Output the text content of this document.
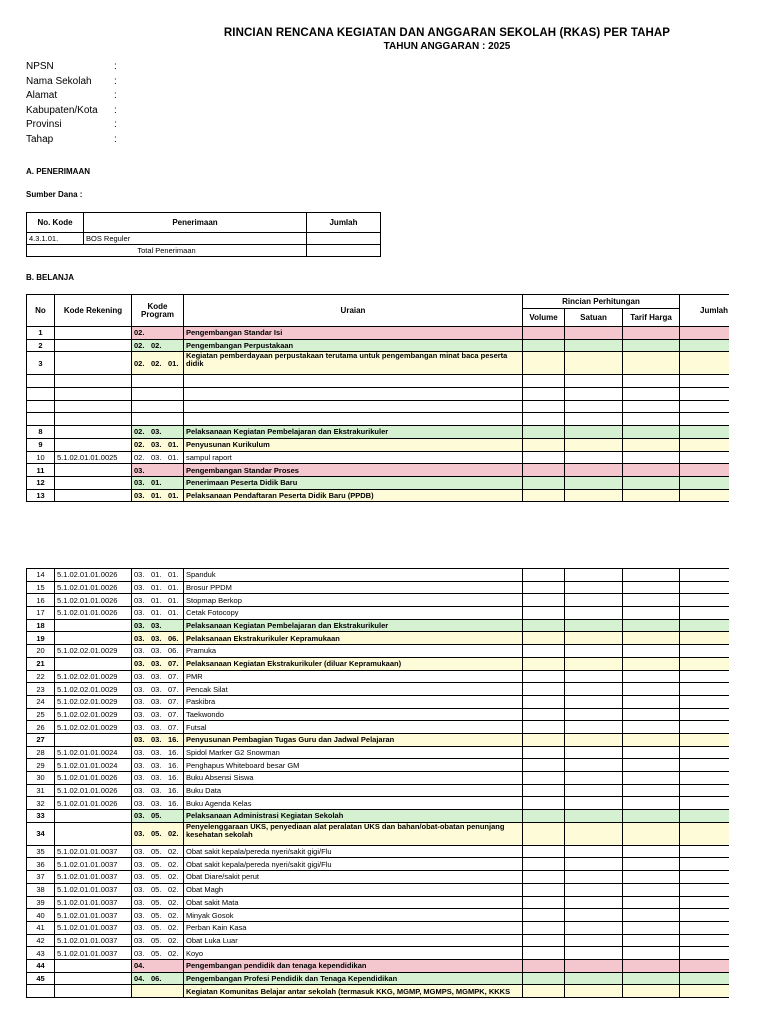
RINCIAN RENCANA KEGIATAN DAN ANGGARAN SEKOLAH (RKAS) PER TAHAP
TAHUN ANGGARAN : 2025
NPSN	:
Nama Sekolah	:
Alamat	:
Kabupaten/Kota	:
Provinsi	:
Tahap	:
A. PENERIMAAN
Sumber Dana :
No. Kode	Penerimaan	Jumlah
4.3.1.01.	BOS Reguler	
Total Penerimaan		
B. BELANJA
No	Kode Rekening	Kode Program	Uraian	Rincian Perhitungan			Jumlah
				Volume	Satuan	Tarif Harga	
1		02.	Pengembangan Standar Isi				
2		02. 02.	Pengembangan Perpustakaan				
3		02. 02. 01.	Kegiatan pemberdayaan perpustakaan terutama untuk pengembangan minat baca peserta didik				

8		02. 03.	Pelaksanaan Kegiatan Pembelajaran dan Ekstrakurikuler				
9		02. 03. 01.	Penyusunan Kurikulum				
10	5.1.02.01.01.0025	02. 03. 01.	sampul raport				
11		03.	Pengembangan Standar Proses				
12		03. 01.	Penerimaan Peserta Didik Baru				
13		03. 01. 01.	Pelaksanaan Pendaftaran Peserta Didik Baru (PPDB)				
14	5.1.02.01.01.0026	03. 01. 01.	Spanduk				
15	5.1.02.01.01.0026	03. 01. 01.	Brosur PPDM				
16	5.1.02.01.01.0026	03. 01. 01.	Stopmap Berkop				
17	5.1.02.01.01.0026	03. 01. 01.	Cetak Fotocopy				
18		03. 03.	Pelaksanaan Kegiatan Pembelajaran dan Ekstrakurikuler				
19		03. 03. 06.	Pelaksanaan Ekstrakurikuler Kepramukaan				
20	5.1.02.02.01.0029	03. 03. 06.	Pramuka				
21		03. 03. 07.	Pelaksanaan Kegiatan Ekstrakurikuler (diluar Kepramukaan)				
22	5.1.02.02.01.0029	03. 03. 07.	PMR				
23	5.1.02.02.01.0029	03. 03. 07.	Pencak Silat				
24	5.1.02.02.01.0029	03. 03. 07.	Paskibra				
25	5.1.02.02.01.0029	03. 03. 07.	Taekwondo				
26	5.1.02.02.01.0029	03. 03. 07.	Futsal				
27		03. 03. 16.	Penyusunan Pembagian Tugas Guru dan Jadwal Pelajaran				
28	5.1.02.01.01.0024	03. 03. 16.	Spidol Marker G2 Snowman				
29	5.1.02.01.01.0024	03. 03. 16.	Penghapus Whiteboard besar GM				
30	5.1.02.01.01.0026	03. 03. 16.	Buku Absensi Siswa				
31	5.1.02.01.01.0026	03. 03. 16.	Buku Data				
32	5.1.02.01.01.0026	03. 03. 16.	Buku Agenda Kelas				
33		03. 05.	Pelaksanaan Administrasi Kegiatan Sekolah				
34		03. 05. 02.	Penyelenggaraan UKS, penyediaan alat peralatan UKS dan bahan/obat-obatan penunjang kesehatan sekolah				
35	5.1.02.01.01.0037	03. 05. 02.	Obat sakit kepala/pereda nyeri/sakit gigi/Flu				
36	5.1.02.01.01.0037	03. 05. 02.	Obat sakit kepala/pereda nyeri/sakit gigi/Flu				
37	5.1.02.01.01.0037	03. 05. 02.	Obat Diare/sakit perut				
38	5.1.02.01.01.0037	03. 05. 02.	Obat Magh				
39	5.1.02.01.01.0037	03. 05. 02.	Obat sakit Mata				
40	5.1.02.01.01.0037	03. 05. 02.	Minyak Gosok				
41	5.1.02.01.01.0037	03. 05. 02.	Perban Kain Kasa				
42	5.1.02.01.01.0037	03. 05. 02.	Obat Luka Luar				
43	5.1.02.01.01.0037	03. 05. 02.	Koyo				
44		04.	Pengembangan pendidik dan tenaga kependidikan				
45		04. 06.	Pengembangan Profesi Pendidik dan Tenaga Kependidikan				
			Kegiatan Komunitas Belajar antar sekolah (termasuk KKG, MGMP, MGMPS, MGMPK, KKKS				
